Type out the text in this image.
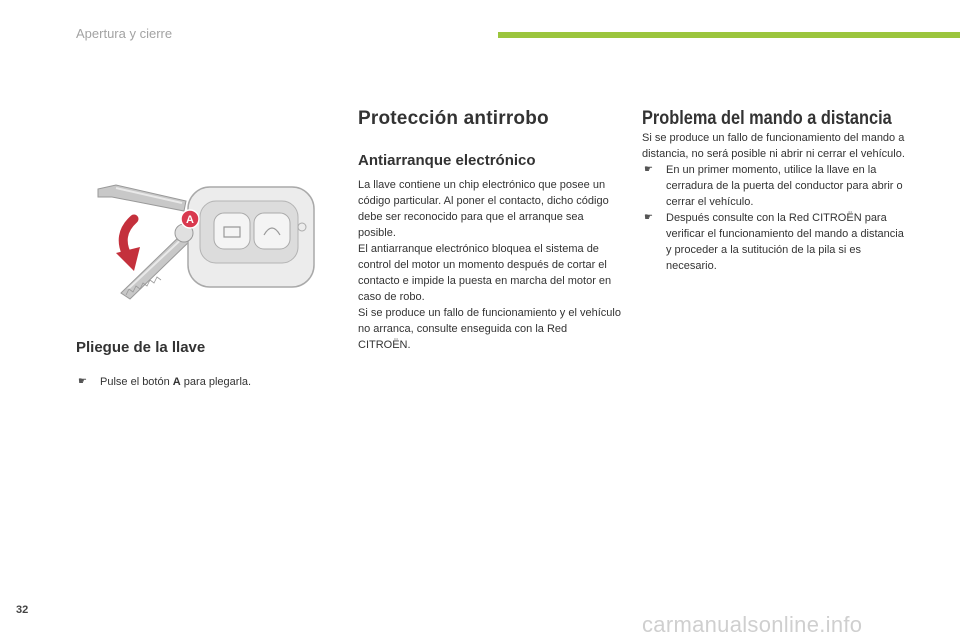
Apertura y cierre
A
Pliegue de la llave
☛ Pulse el botón A para plegarla.
Protección antirrobo
Antiarranque electrónico

La llave contiene un chip electrónico que posee un código particular. Al poner el contacto, dicho código debe ser reconocido para que el arranque sea posible.

El antiarranque electrónico bloquea el sistema de control del motor un momento después de cortar el contacto e impide la puesta en marcha del motor en caso de robo.

Si se produce un fallo de funcionamiento y el vehículo no arranca, consulte enseguida con la Red CITROËN.

Problema del mando a distancia

Si se produce un fallo de funcionamiento del mando a distancia, no será posible ni abrir ni cerrar el vehículo.

☛ En un primer momento, utilice la llave en la cerradura de la puerta del conductor para abrir o cerrar el vehículo.
☛ Después consulte con la Red CITROËN para verificar el funcionamiento del mando a distancia y proceder a la sutitución de la pila si es necesario.
32
carmanualsonline.info
